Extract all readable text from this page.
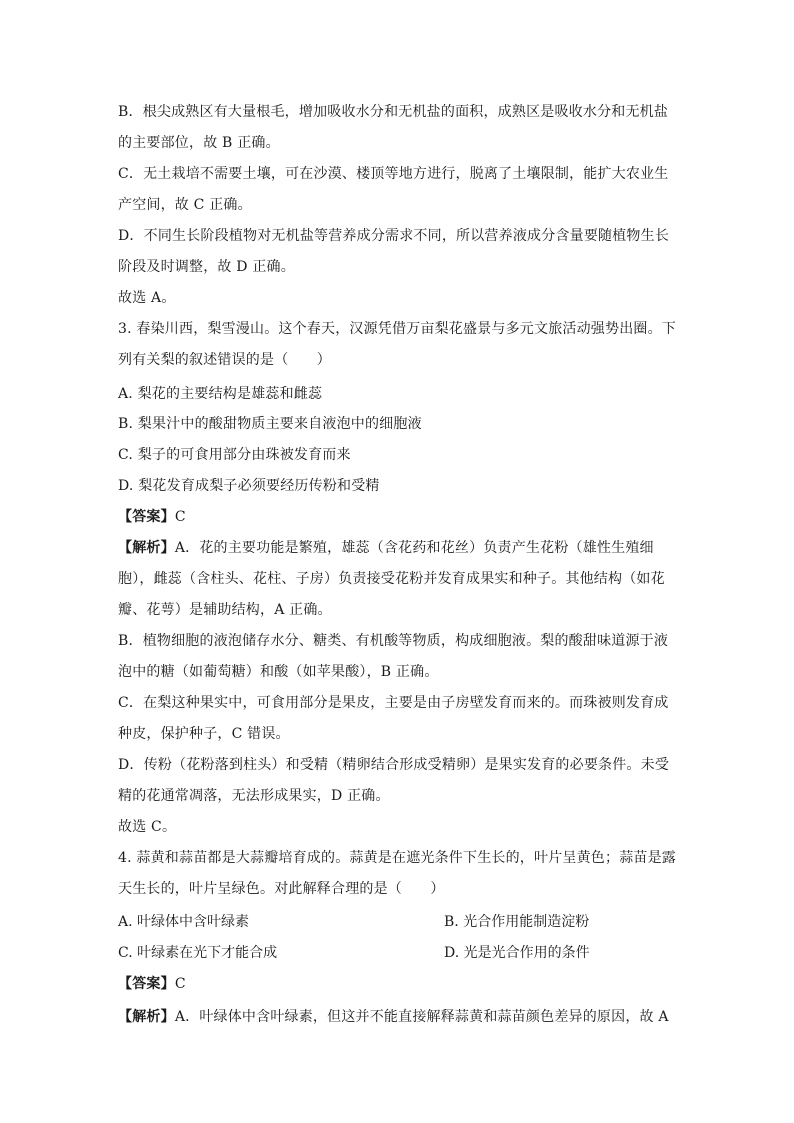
B．根尖成熟区有大量根毛，增加吸收水分和无机盐的面积，成熟区是吸收水分和无机盐
的主要部位，故 B 正确。
C．无土栽培不需要土壤，可在沙漠、楼顶等地方进行，脱离了土壤限制，能扩大农业生
产空间，故 C 正确。
D．不同生长阶段植物对无机盐等营养成分需求不同，所以营养液成分含量要随植物生长
阶段及时调整，故 D 正确。
故选 A。
3. 春染川西，梨雪漫山。这个春天，汉源凭借万亩梨花盛景与多元文旅活动强势出圈。下
列有关梨的叙述错误的是（　　）
A. 梨花的主要结构是雄蕊和雌蕊
B. 梨果汁中的酸甜物质主要来自液泡中的细胞液
C. 梨子的可食用部分由珠被发育而来
D. 梨花发育成梨子必须要经历传粉和受精
【答案】C
【解析】A．花的主要功能是繁殖，雄蕊（含花药和花丝）负责产生花粉（雄性生殖细
胞），雌蕊（含柱头、花柱、子房）负责接受花粉并发育成果实和种子。其他结构（如花
瓣、花萼）是辅助结构，A 正确。
B．植物细胞的液泡储存水分、糖类、有机酸等物质，构成细胞液。梨的酸甜味道源于液
泡中的糖（如葡萄糖）和酸（如苹果酸），B 正确。
C．在梨这种果实中，可食用部分是果皮，主要是由子房壁发育而来的。而珠被则发育成
种皮，保护种子，C 错误。
D．传粉（花粉落到柱头）和受精（精卵结合形成受精卵）是果实发育的必要条件。未受
精的花通常凋落，无法形成果实，D 正确。
故选 C。
4. 蒜黄和蒜苗都是大蒜瓣培育成的。蒜黄是在遮光条件下生长的，叶片呈黄色；蒜苗是露
天生长的，叶片呈绿色。对此解释合理的是（　　）
A. 叶绿体中含叶绿素	B. 光合作用能制造淀粉
C. 叶绿素在光下才能合成	D. 光是光合作用的条件
【答案】C
【解析】A．叶绿体中含叶绿素，但这并不能直接解释蒜黄和蒜苗颜色差异的原因，故 A
